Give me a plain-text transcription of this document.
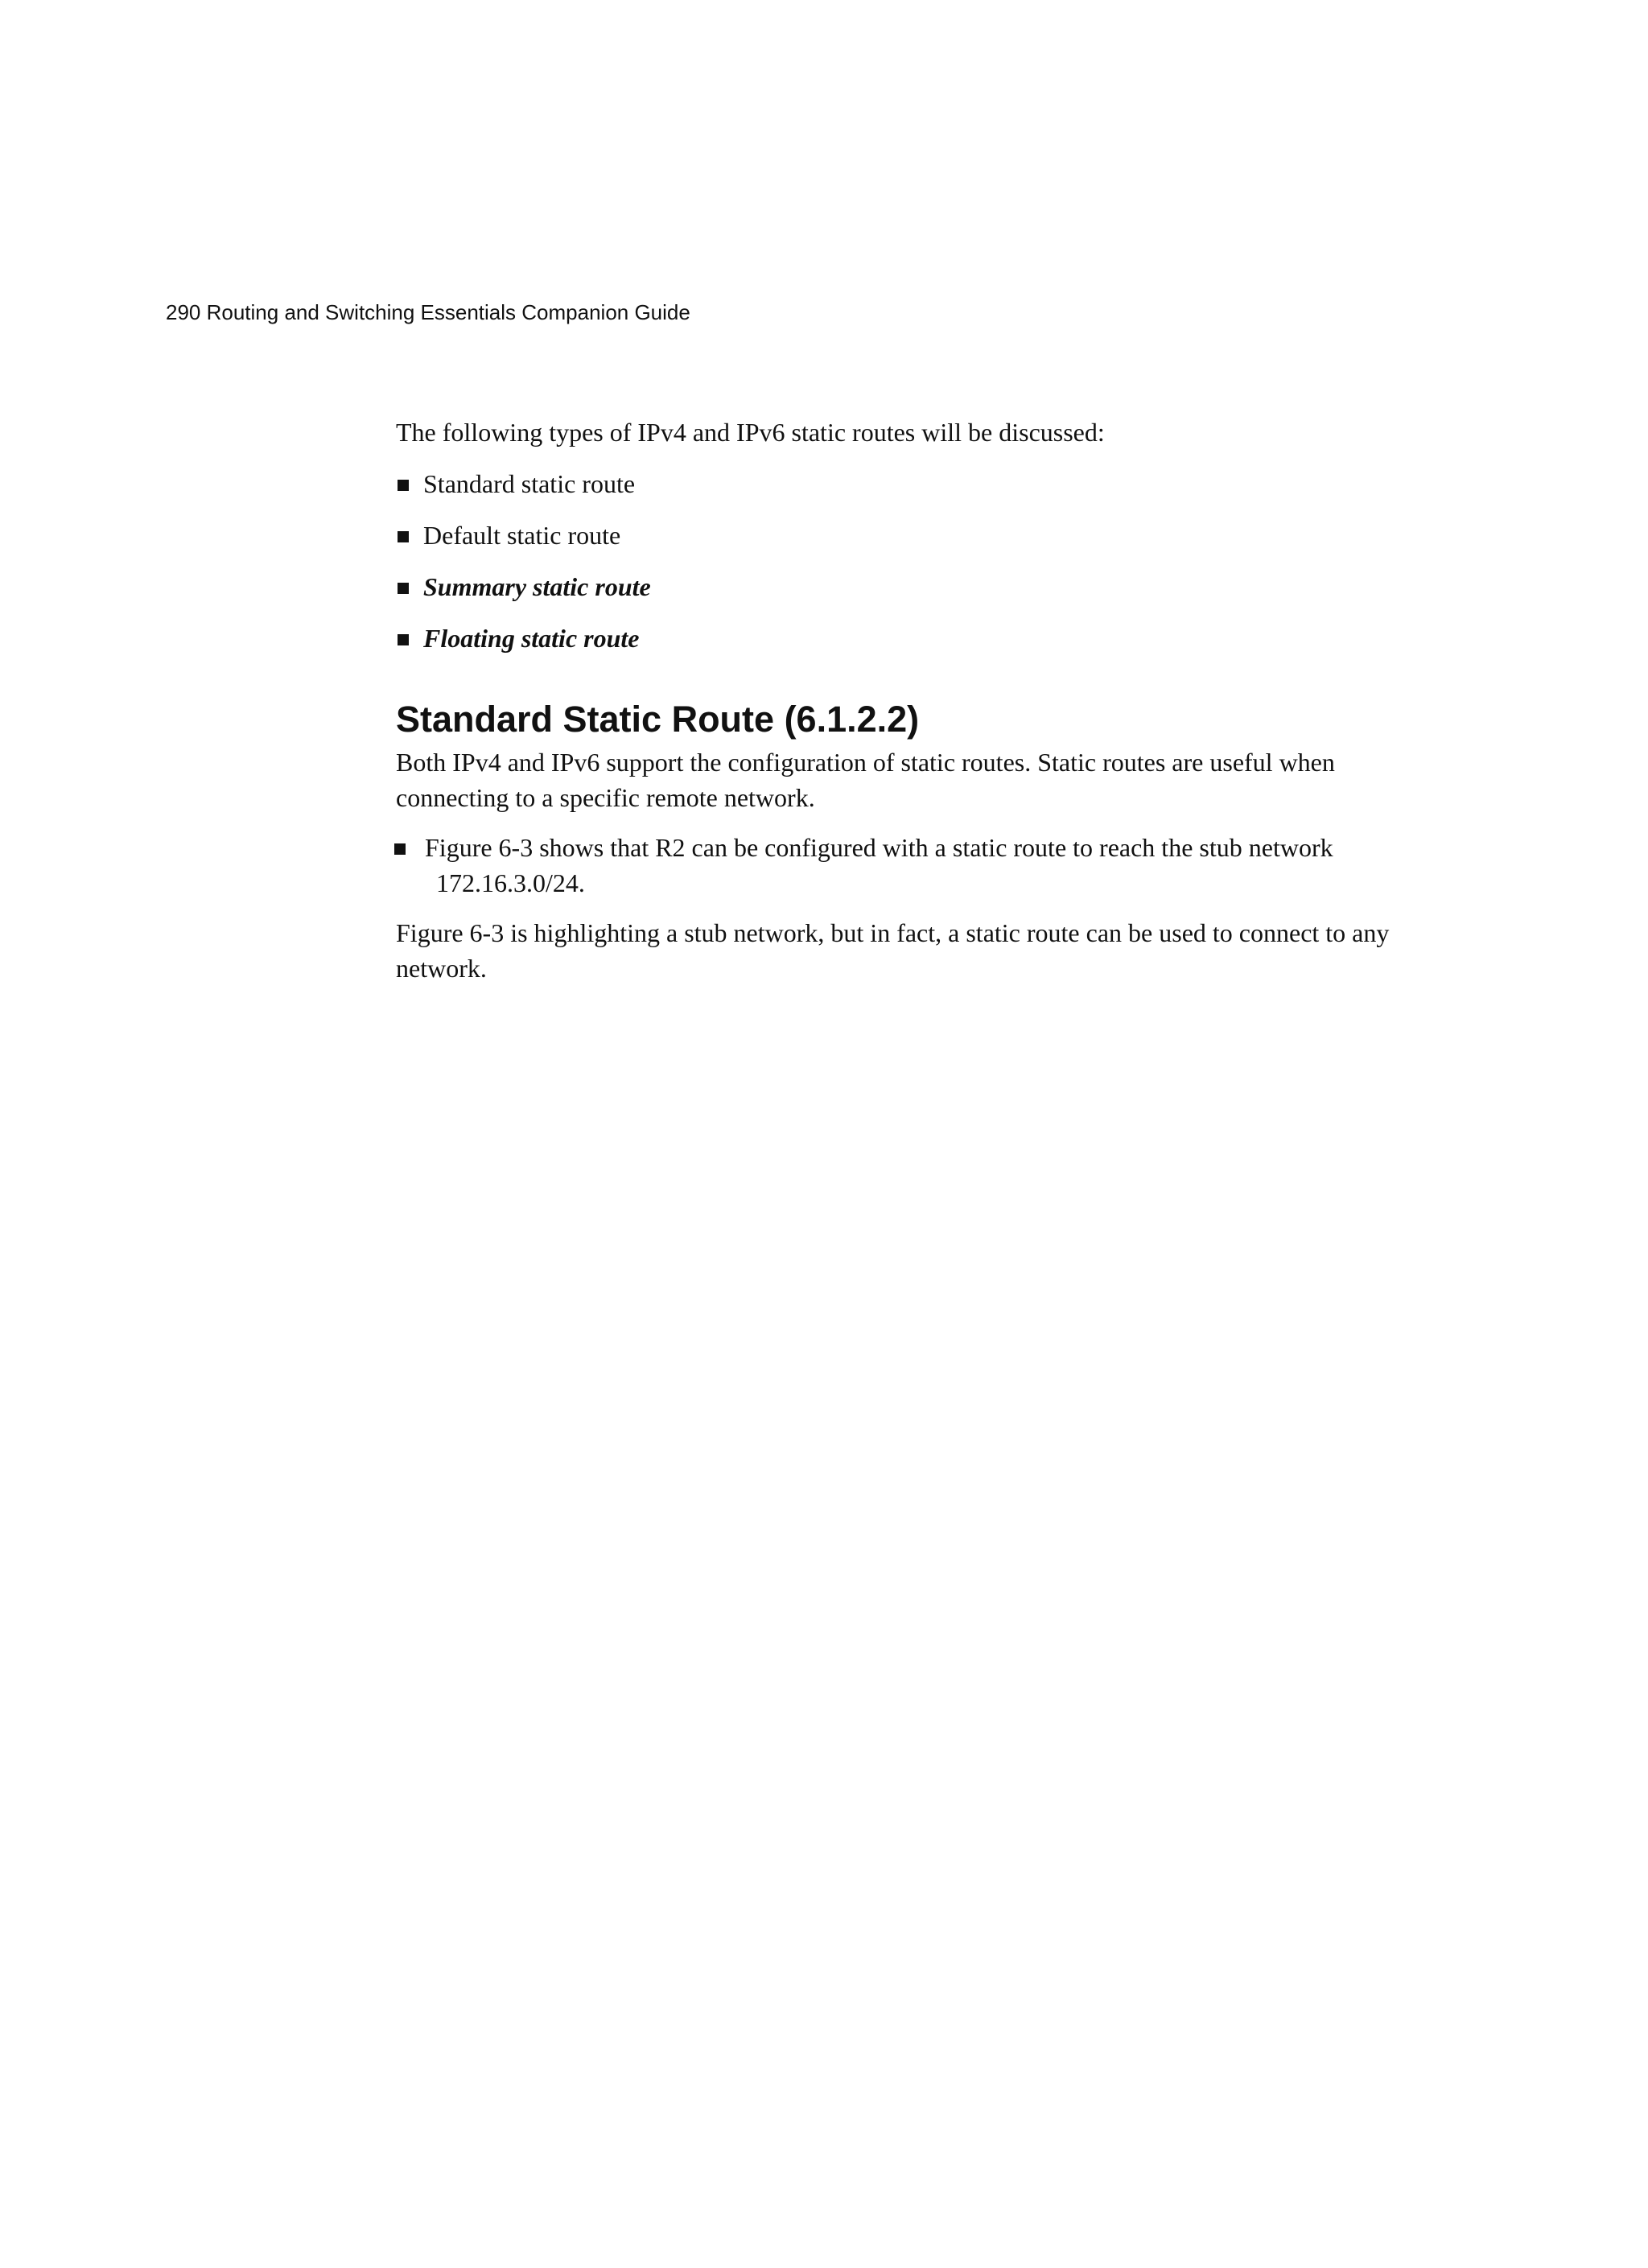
290 Routing and Switching Essentials Companion Guide

The following types of IPv4 and IPv6 static routes will be discussed:

Standard static route
Default static route
Summary static route
Floating static route
Standard Static Route (6.1.2.2)

Both IPv4 and IPv6 support the configuration of static routes. Static routes are useful when connecting to a specific remote network.

Figure 6-3 shows that R2 can be configured with a static route to reach the stub network
172.16.3.0/24.

Figure 6-3 is highlighting a stub network, but in fact, a static route can be used to connect to any network.
